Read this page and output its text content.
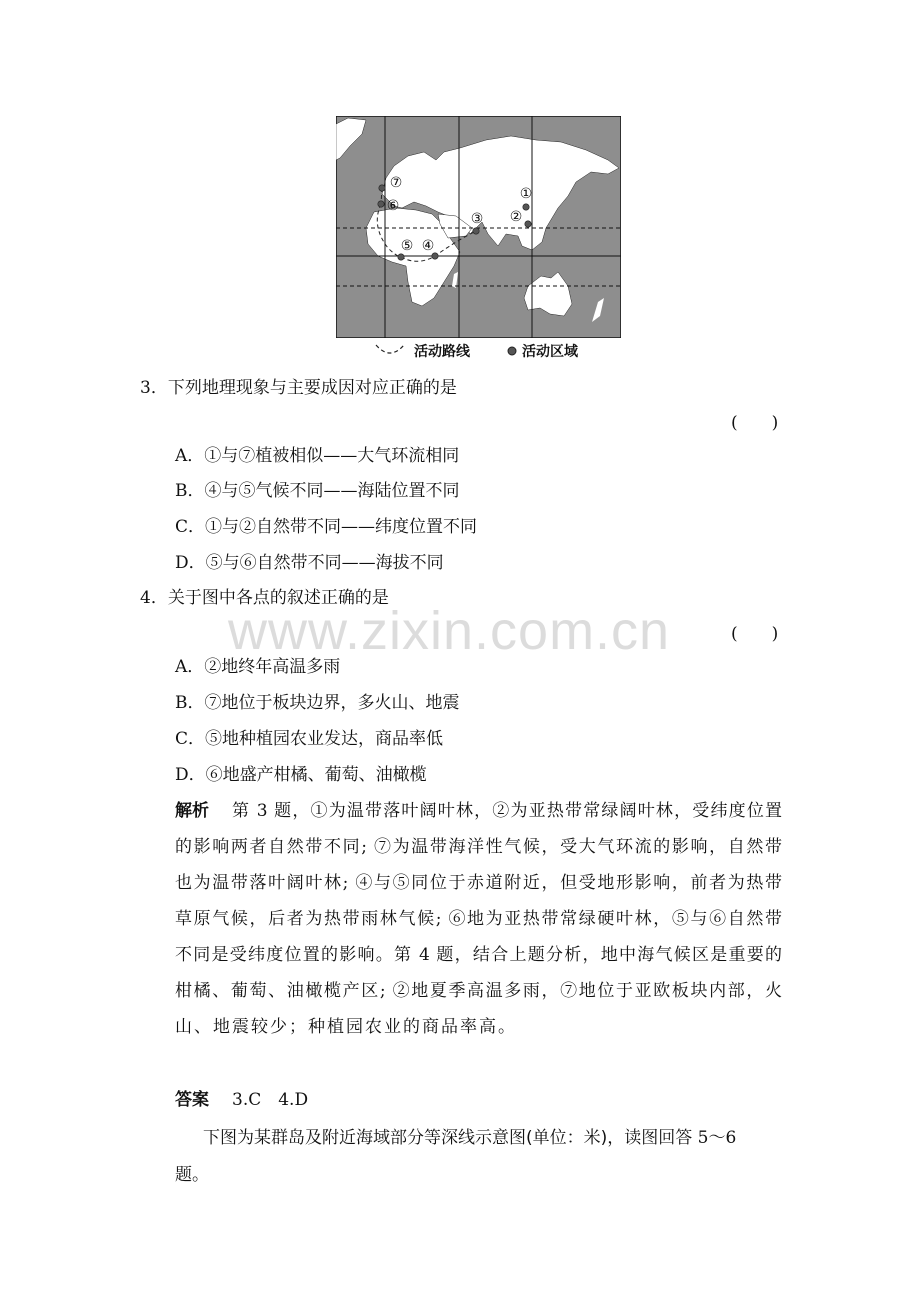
www.zixin.com.cn
①
②
③
④
⑤
⑥
⑦
活动路线	活动区域
3．下列地理现象与主要成因对应正确的是
(　　)
A．①与⑦植被相似——大气环流相同
B．④与⑤气候不同——海陆位置不同
C．①与②自然带不同——纬度位置不同
D．⑤与⑥自然带不同——海拔不同
4．关于图中各点的叙述正确的是
(　　)
A．②地终年高温多雨
B．⑦地位于板块边界，多火山、地震
C．⑤地种植园农业发达，商品率低
D．⑥地盛产柑橘、葡萄、油橄榄
解析 第 3 题，①为温带落叶阔叶林，②为亚热带常绿阔叶林，受纬度位置
的影响两者自然带不同; ⑦为温带海洋性气候，受大气环流的影响，自然带
也为温带落叶阔叶林; ④与⑤同位于赤道附近，但受地形影响，前者为热带
草原气候，后者为热带雨林气候; ⑥地为亚热带常绿硬叶林，⑤与⑥自然带
不同是受纬度位置的影响。第 4 题，结合上题分析，地中海气候区是重要的
柑橘、葡萄、油橄榄产区; ②地夏季高温多雨，⑦地位于亚欧板块内部，火
山、地震较少；种植园农业的商品率高。
答案 3.C　4.D
下图为某群岛及附近海域部分等深线示意图(单位：米)，读图回答 5～6
题。
